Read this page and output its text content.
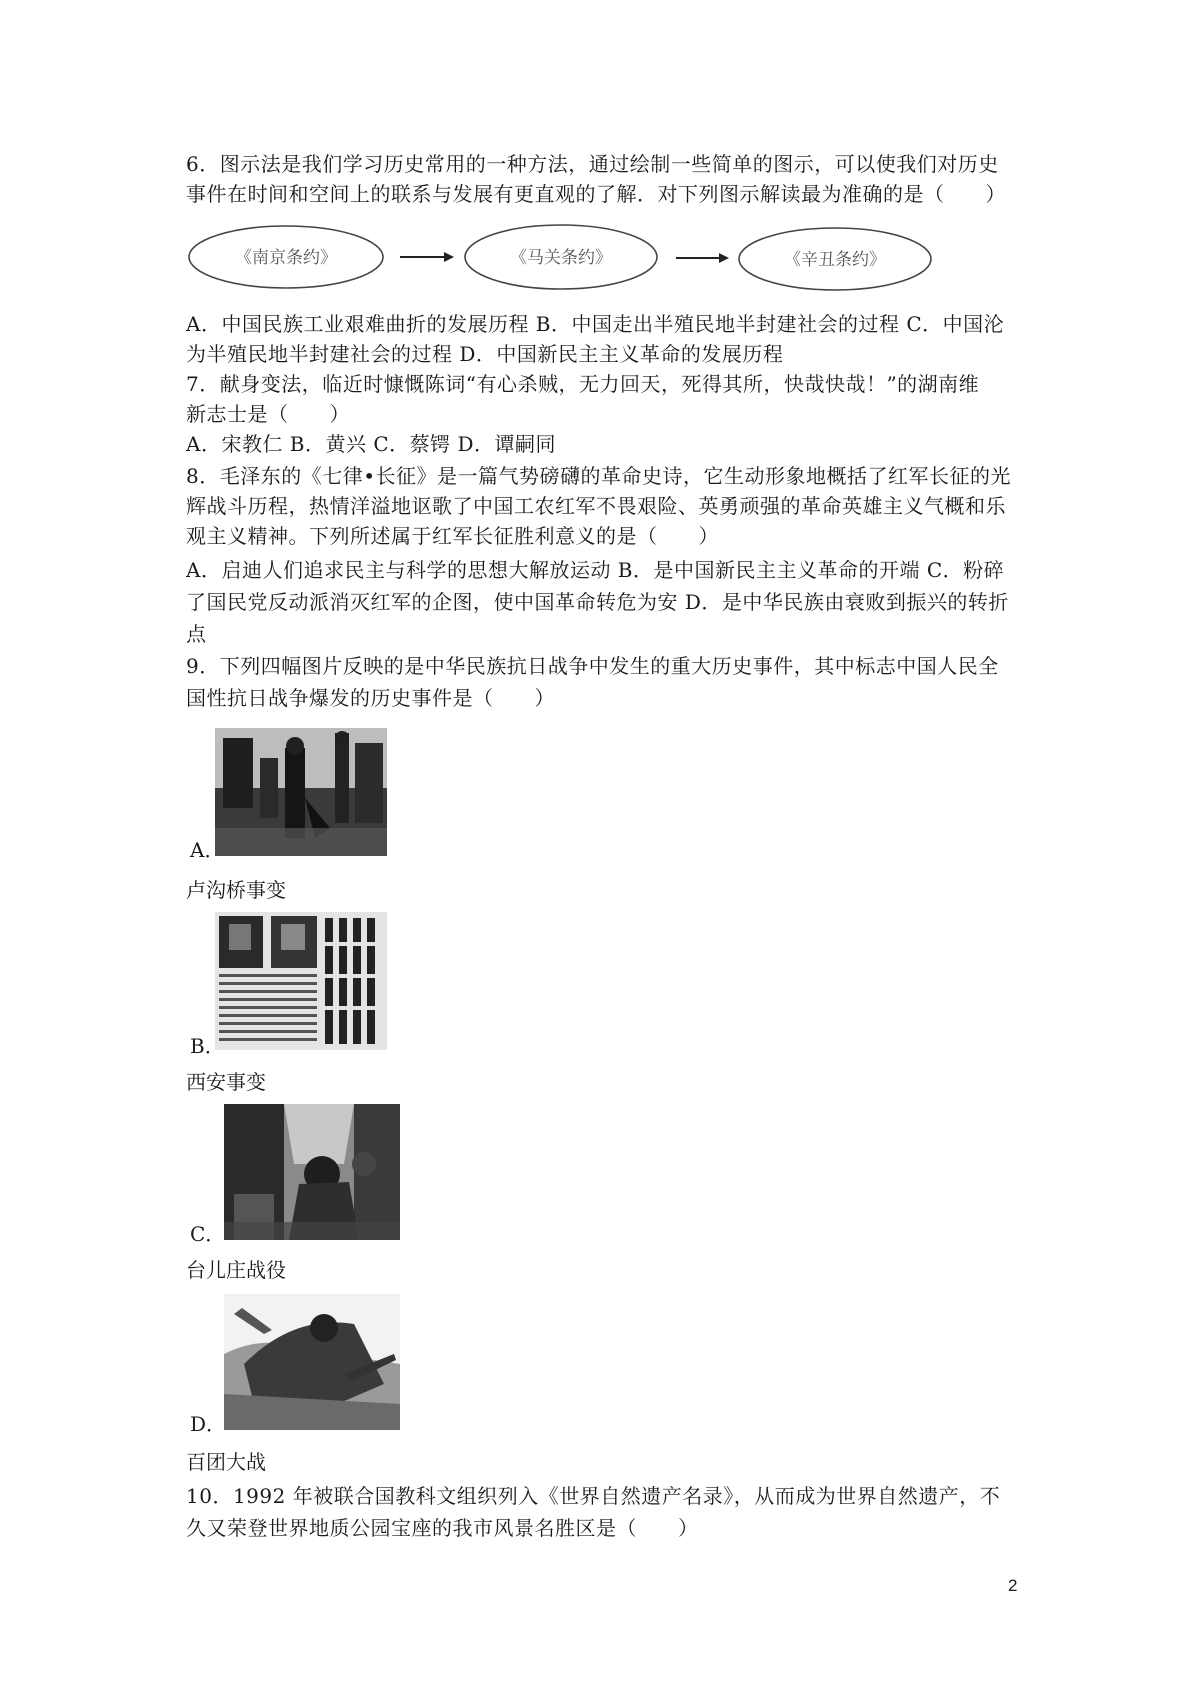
6．图示法是我们学习历史常用的一种方法，通过绘制一些简单的图示，可以使我们对历史
事件在时间和空间上的联系与发展有更直观的了解．对下列图示解读最为准确的是（　　）
《南京条约》	《马关条约》	《辛丑条约》
A．中国民族工业艰难曲折的发展历程 B．中国走出半殖民地半封建社会的过程 C．中国沦
为半殖民地半封建社会的过程 D．中国新民主主义革命的发展历程
7．献身变法，临近时慷慨陈词“有心杀贼，无力回天，死得其所，快哉快哉！”的湖南维
新志士是（　　）
A．宋教仁 B．黄兴 C．蔡锷 D．谭嗣同
8．毛泽东的《七律•长征》是一篇气势磅礴的革命史诗，它生动形象地概括了红军长征的光
辉战斗历程，热情洋溢地讴歌了中国工农红军不畏艰险、英勇顽强的革命英雄主义气概和乐
观主义精神。下列所述属于红军长征胜利意义的是（　　）
A．启迪人们追求民主与科学的思想大解放运动 B．是中国新民主主义革命的开端 C．粉碎
了国民党反动派消灭红军的企图，使中国革命转危为安 D．是中华民族由衰败到振兴的转折
点
9．下列四幅图片反映的是中华民族抗日战争中发生的重大历史事件，其中标志中国人民全
国性抗日战争爆发的历史事件是（　　）
A．
卢沟桥事变
B．
西安事变
C．
台儿庄战役
D．
百团大战
10．1992 年被联合国教科文组织列入《世界自然遗产名录》，从而成为世界自然遗产，不
久又荣登世界地质公园宝座的我市风景名胜区是（　　）
2
